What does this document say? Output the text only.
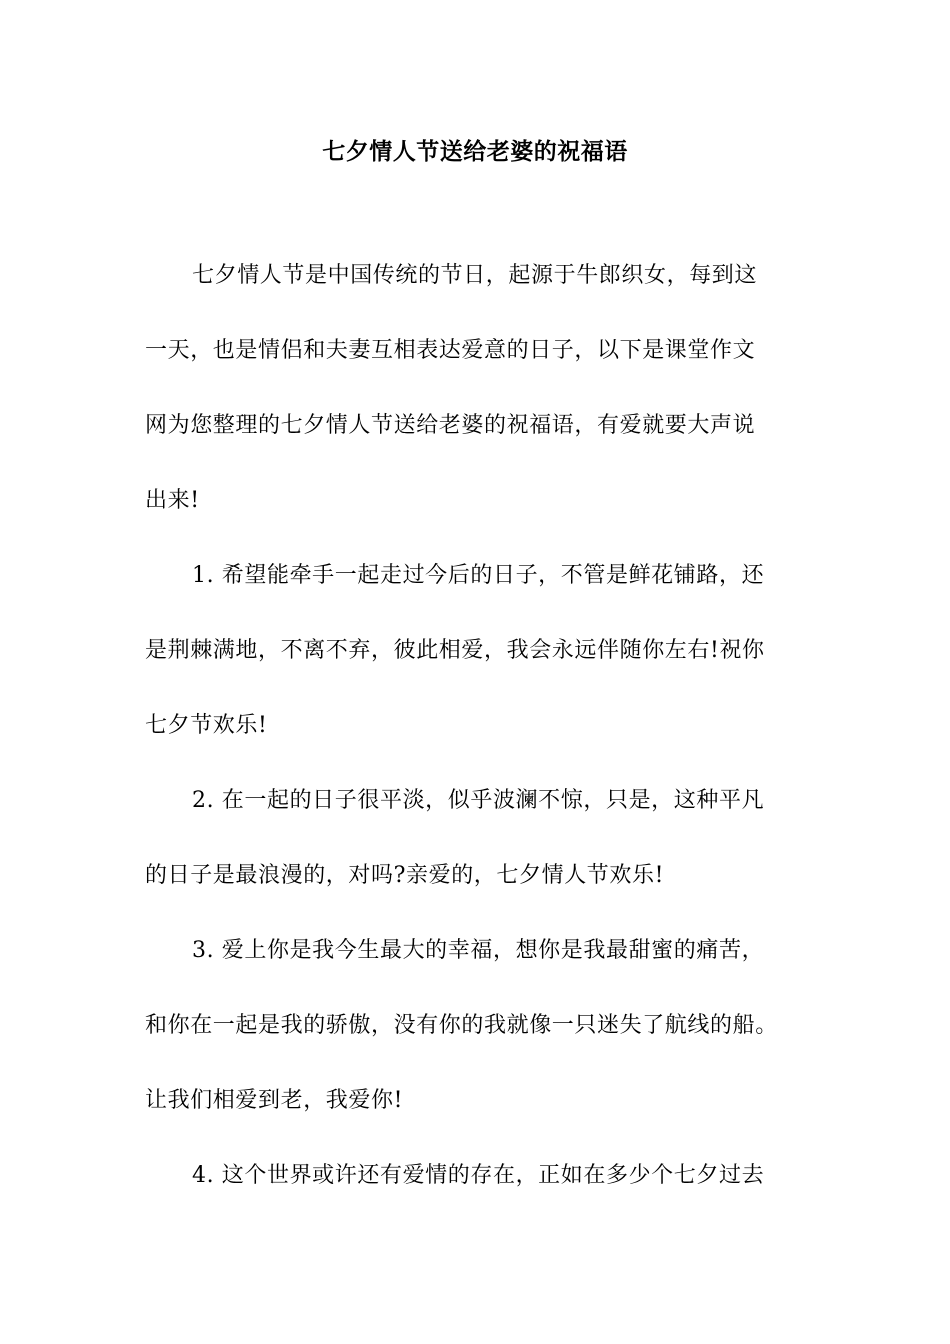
七夕情人节送给老婆的祝福语
七夕情人节是中国传统的节日，起源于牛郎织女，每到这
一天，也是情侣和夫妻互相表达爱意的日子，以下是课堂作文
网为您整理的七夕情人节送给老婆的祝福语，有爱就要大声说
出来!
1. 希望能牵手一起走过今后的日子，不管是鲜花铺路，还
是荆棘满地，不离不弃，彼此相爱，我会永远伴随你左右!祝你
七夕节欢乐!
2. 在一起的日子很平淡，似乎波澜不惊，只是，这种平凡
的日子是最浪漫的，对吗?亲爱的，七夕情人节欢乐!
3. 爱上你是我今生最大的幸福，想你是我最甜蜜的痛苦，
和你在一起是我的骄傲，没有你的我就像一只迷失了航线的船。
让我们相爱到老，我爱你!
4. 这个世界或许还有爱情的存在，正如在多少个七夕过去
